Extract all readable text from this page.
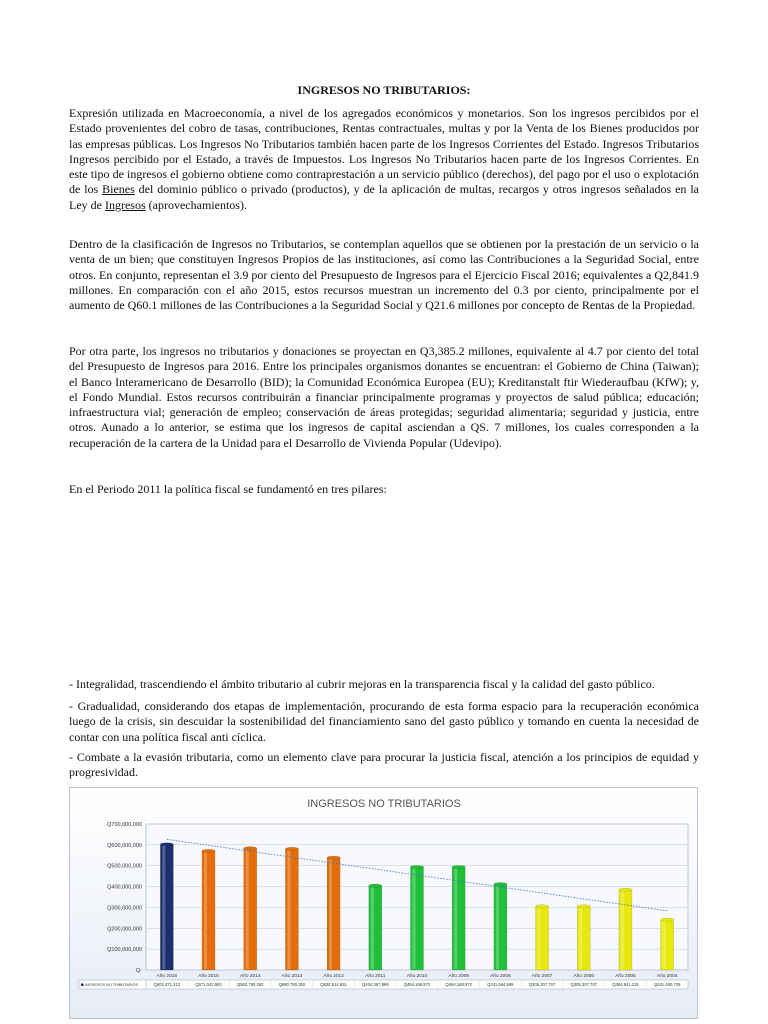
INGRESOS NO TRIBUTARIOS:

Expresión utilizada en Macroeconomía, a nivel de los agregados económicos y monetarios. Son los ingresos percibidos por el Estado provenientes del cobro de tasas, contribuciones, Rentas contractuales, multas y por la Venta de los Bienes producidos por las empresas públicas. Los Ingresos No Tributarios también hacen parte de los Ingresos Corrientes del Estado. Ingresos Tributarios Ingresos percibido por el Estado, a través de Impuestos. Los Ingresos No Tributarios hacen parte de los Ingresos Corrientes. En este tipo de ingresos el gobierno obtiene como contraprestación a un servicio público (derechos), del pago por el uso o explotación de los Bienes del dominio público o privado (productos), y de la aplicación de multas, recargos y otros ingresos señalados en la Ley de Ingresos (aprovechamientos).

Dentro de la clasificación de Ingresos no Tributarios, se contemplan aquellos que se obtienen por la prestación de un servicio o la venta de un bien; que constituyen Ingresos Propios de las instituciones, así como las Contribuciones a la Seguridad Social, entre otros. En conjunto, representan el 3.9 por ciento del Presupuesto de Ingresos para el Ejercicio Fiscal 2016; equivalentes a Q2,841.9 millones. En comparación con el año 2015, estos recursos muestran un incremento del 0.3 por ciento, principalmente por el aumento de Q60.1 millones de las Contribuciones a la Seguridad Social y Q21.6 millones por concepto de Rentas de la Propiedad.

Por otra parte, los ingresos no tributarios y donaciones se proyectan en Q3,385.2 millones, equivalente al 4.7 por ciento del total del Presupuesto de Ingresos para 2016. Entre los principales organismos donantes se encuentran: el Gobierno de China (Taiwan); el Banco Interamericano de Desarrollo (BID); la Comunidad Económica Europea (EU); Kreditanstalt ftir Wiederaufbau (KfW); y, el Fondo Mundial. Estos recursos contribuirán a financiar principalmente programas y proyectos de salud pública; educación; infraestructura vial; generación de empleo; conservación de áreas protegidas; seguridad alimentaria; seguridad y justicia, entre otros. Aunado a lo anterior, se estima que los ingresos de capital asciendan a QS. 7 millones, los cuales corresponden a la recuperación de la cartera de la Unidad para el Desarrollo de Vivienda Popular (Udevipo).

En el Periodo 2011 la política fiscal se fundamentó en tres pilares:

- Integralidad, trascendiendo el ámbito tributario al cubrir mejoras en la transparencia fiscal y la calidad del gasto público.

- Gradualidad, considerando dos etapas de implementación, procurando de esta forma espacio para la recuperación económica luego de la crisis, sin descuidar la sostenibilidad del financiamiento sano del gasto público y tomando en cuenta la necesidad de contar con una política fiscal anti cíclica.

- Combate a la evasión tributaria, como un elemento clave para procurar la justicia fiscal, atención a los principios de equidad y progresividad.

INGRESOS NO TRIBUTARIOS
Q700,000,000
Q600,000,000
Q500,000,000
Q400,000,000
Q300,000,000
Q200,000,000
Q100,000,000
Q-
Año 2016	Año 2015	Año 2014	Año 2013	Año 2012	Año 2011	Año 2010	Año 2009	Año 2008	Año 2007	Año 2006	Año 2005	Año 2004
INGRESOS NO TRIBUTARIOS	Q602,471,212	Q571,042,982	Q583,780,392	Q580,780,392	Q538,514,651	Q404,367,899	Q494,168,972	Q494,168,972	Q411,584,599	Q305,307,707	Q305,307,707	Q384,941,215	Q241,480,729
